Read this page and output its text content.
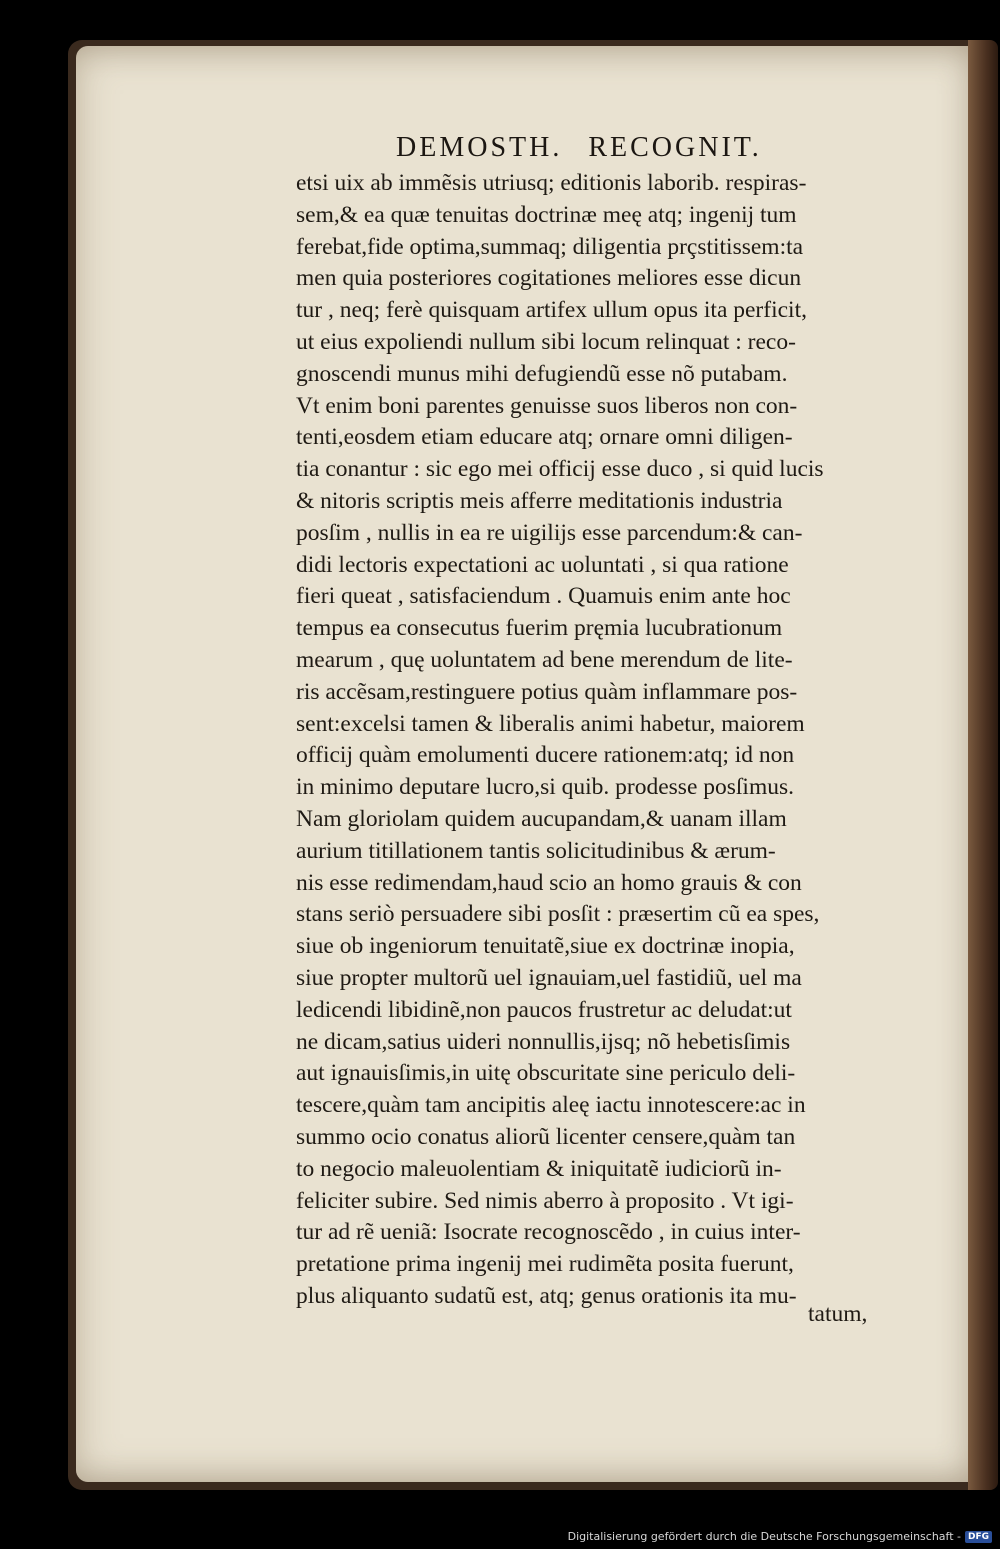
DEMOSTH. RECOGNIT.
etsi uix ab immẽsis utriusq; editionis laborib. respiras-
sem,& ea quæ tenuitas doctrinæ meę atq; ingenij tum
ferebat,fide optima,summaq; diligentia prçstitissem:ta
men quia posteriores cogitationes meliores esse dicun
tur , neq; ferè quisquam artifex ullum opus ita perficit,
ut eius expoliendi nullum sibi locum relinquat : reco-
gnoscendi munus mihi defugiendũ esse nõ putabam.
Vt enim boni parentes genuisse suos liberos non con-
tenti,eosdem etiam educare atq; ornare omni diligen-
tia conantur : sic ego mei officij esse duco , si quid lucis
& nitoris scriptis meis afferre meditationis industria
posſim , nullis in ea re uigilijs esse parcendum:& can-
didi lectoris expectationi ac uoluntati , si qua ratione
fieri queat , satisfaciendum . Quamuis enim ante hoc
tempus ea consecutus fuerim pręmia lucubrationum
mearum , quę uoluntatem ad bene merendum de lite-
ris accẽsam,restinguere potius quàm inflammare pos-
sent:excelsi tamen & liberalis animi habetur, maiorem
officij quàm emolumenti ducere rationem:atq; id non
in minimo deputare lucro,si quib. prodesse posſimus.
Nam gloriolam quidem aucupandam,& uanam illam
aurium titillationem tantis solicitudinibus & ærum-
nis esse redimendam,haud scio an homo grauis & con
stans seriò persuadere sibi posſit : præsertim cũ ea spes,
siue ob ingeniorum tenuitatẽ,siue ex doctrinæ inopia,
siue propter multorũ uel ignauiam,uel fastidiũ, uel ma
ledicendi libidinẽ,non paucos frustretur ac deludat:ut
ne dicam,satius uideri nonnullis,ijsq; nõ hebetisſimis
aut ignauisſimis,in uitę obscuritate sine periculo deli-
tescere,quàm tam ancipitis aleę iactu innotescere:ac in
summo ocio conatus aliorũ licenter censere,quàm tan
to negocio maleuolentiam & iniquitatẽ iudiciorũ in-
feliciter subire. Sed nimis aberro à proposito . Vt igi-
tur ad rẽ ueniã: Isocrate recognoscẽdo , in cuius inter-
pretatione prima ingenij mei rudimẽta posita fuerunt,
plus aliquanto sudatũ est, atq; genus orationis ita mu-
tatum,
Digitalisierung gefördert durch die Deutsche Forschungsgemeinschaft - DFG
